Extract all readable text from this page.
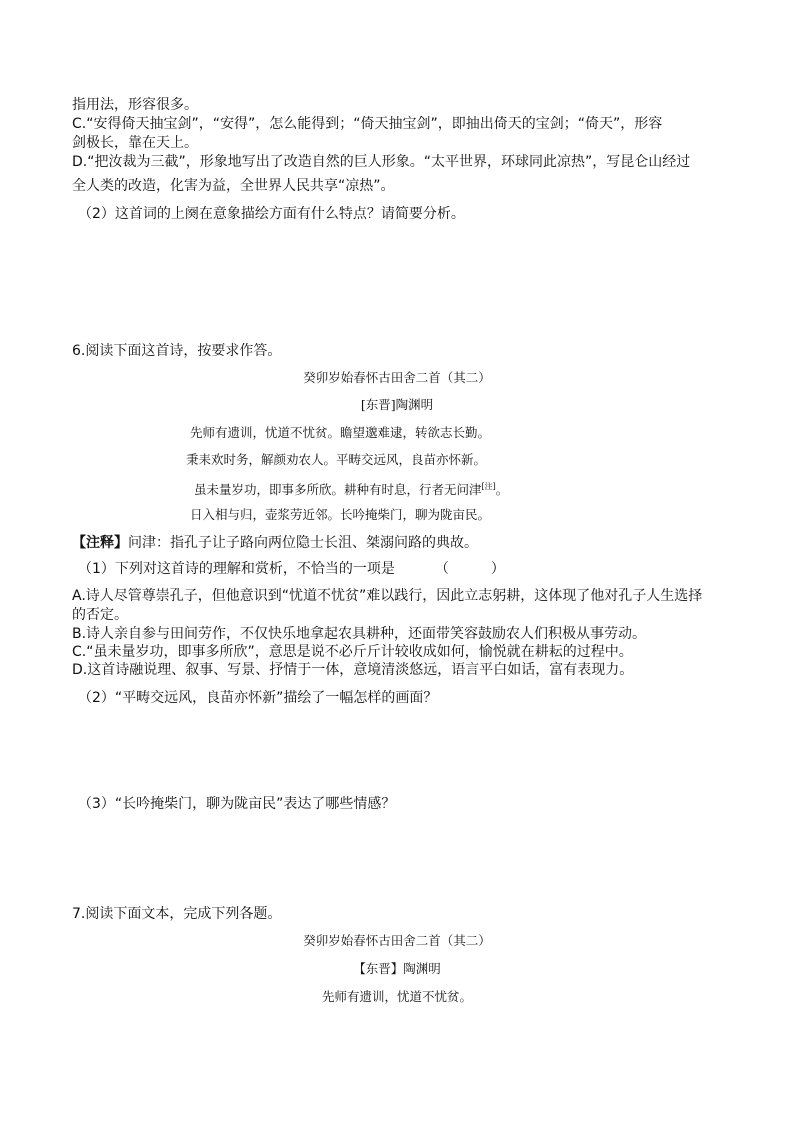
指用法，形容很多。
C.“安得倚天抽宝剑”，“安得”，怎么能得到；“倚天抽宝剑”，即抽出倚天的宝剑；“倚天”，形容
剑极长，靠在天上。
D.“把汝裁为三截”，形象地写出了改造自然的巨人形象。“太平世界，环球同此凉热”，写昆仑山经过
全人类的改造，化害为益，全世界人民共享“凉热”。
（2）这首词的上阕在意象描绘方面有什么特点？请简要分析。
6.阅读下面这首诗，按要求作答。
癸卯岁始春怀古田舍二首（其二）
[东晋]陶渊明
先师有遗训，忧道不忧贫。瞻望邈难逮，转欲志长勤。
秉耒欢时务，解颜劝农人。平畴交远风，良苗亦怀新。
虽未量岁功，即事多所欣。耕种有时息，行者无问津[注]。
日入相与归，壶浆劳近邻。长吟掩柴门，聊为陇亩民。
【注释】问津：指孔子让子路向两位隐士长沮、桀溺问路的典故。
（1）下列对这首诗的理解和赏析，不恰当的一项是	（　　　）
A.诗人尽管尊崇孔子，但他意识到“忧道不忧贫”难以践行，因此立志躬耕，这体现了他对孔子人生选择
的否定。
B.诗人亲自参与田间劳作，不仅快乐地拿起农具耕种，还面带笑容鼓励农人们积极从事劳动。
C.“虽未量岁功，即事多所欣”，意思是说不必斤斤计较收成如何，愉悦就在耕耘的过程中。
D.这首诗融说理、叙事、写景、抒情于一体，意境清淡悠远，语言平白如话，富有表现力。
（2）“平畴交远风，良苗亦怀新”描绘了一幅怎样的画面？
（3）“长吟掩柴门，聊为陇亩民”表达了哪些情感？
7.阅读下面文本，完成下列各题。
癸卯岁始春怀古田舍二首（其二）
【东晋】陶渊明
先师有遗训，忧道不忧贫。
